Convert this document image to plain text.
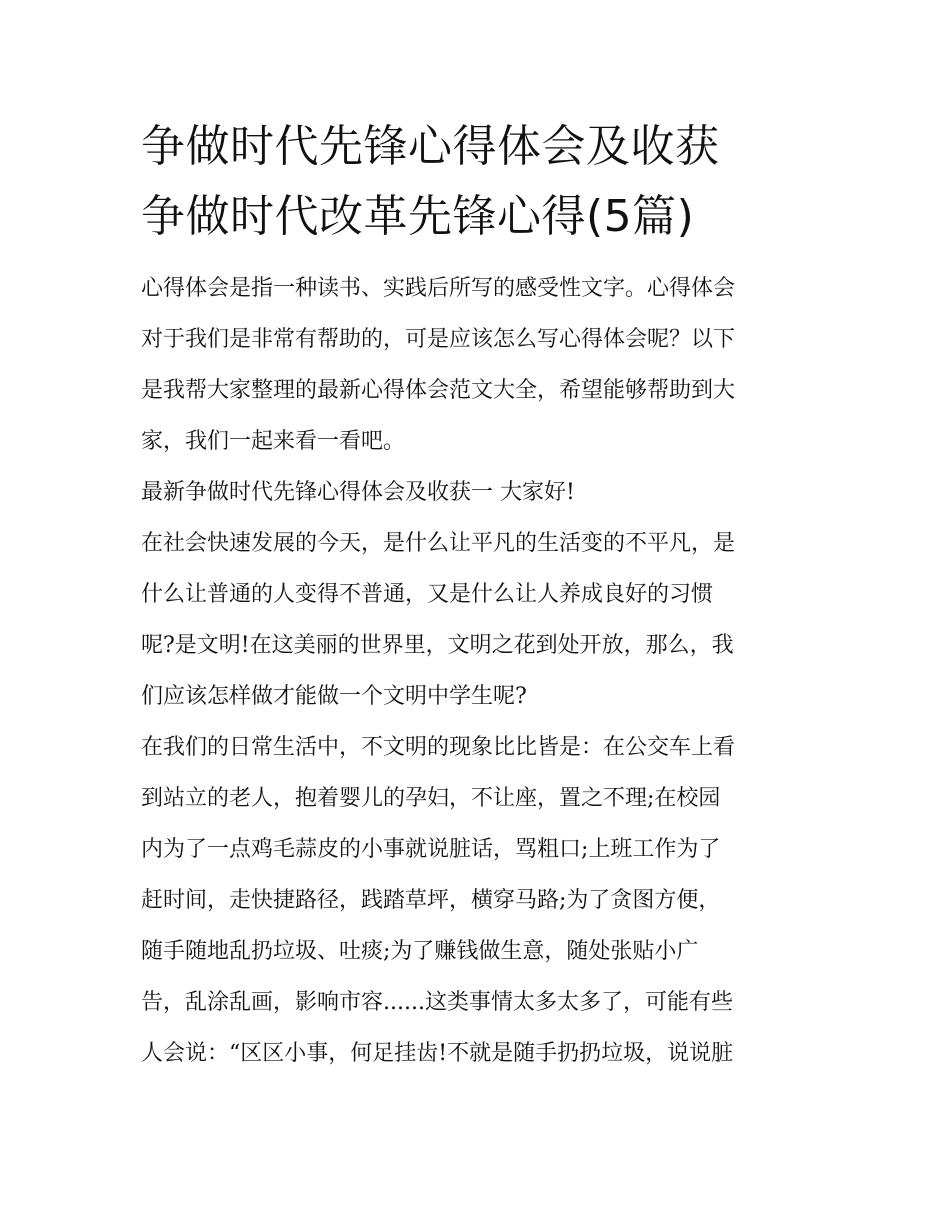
争做时代先锋心得体会及收获
争做时代改革先锋心得(5篇)

心得体会是指一种读书、实践后所写的感受性文字。心得体会
对于我们是非常有帮助的，可是应该怎么写心得体会呢？以下
是我帮大家整理的最新心得体会范文大全，希望能够帮助到大
家，我们一起来看一看吧。

最新争做时代先锋心得体会及收获一 大家好!

在社会快速发展的今天，是什么让平凡的生活变的不平凡，是
什么让普通的人变得不普通，又是什么让人养成良好的习惯
呢?是文明!在这美丽的世界里，文明之花到处开放，那么，我
们应该怎样做才能做一个文明中学生呢?

在我们的日常生活中，不文明的现象比比皆是：在公交车上看
到站立的老人，抱着婴儿的孕妇，不让座，置之不理;在校园
内为了一点鸡毛蒜皮的小事就说脏话，骂粗口;上班工作为了
赶时间，走快捷路径，践踏草坪，横穿马路;为了贪图方便，
随手随地乱扔垃圾、吐痰;为了赚钱做生意，随处张贴小广
告，乱涂乱画，影响市容......这类事情太多太多了，可能有些
人会说：“区区小事，何足挂齿!不就是随手扔扔垃圾，说说脏
